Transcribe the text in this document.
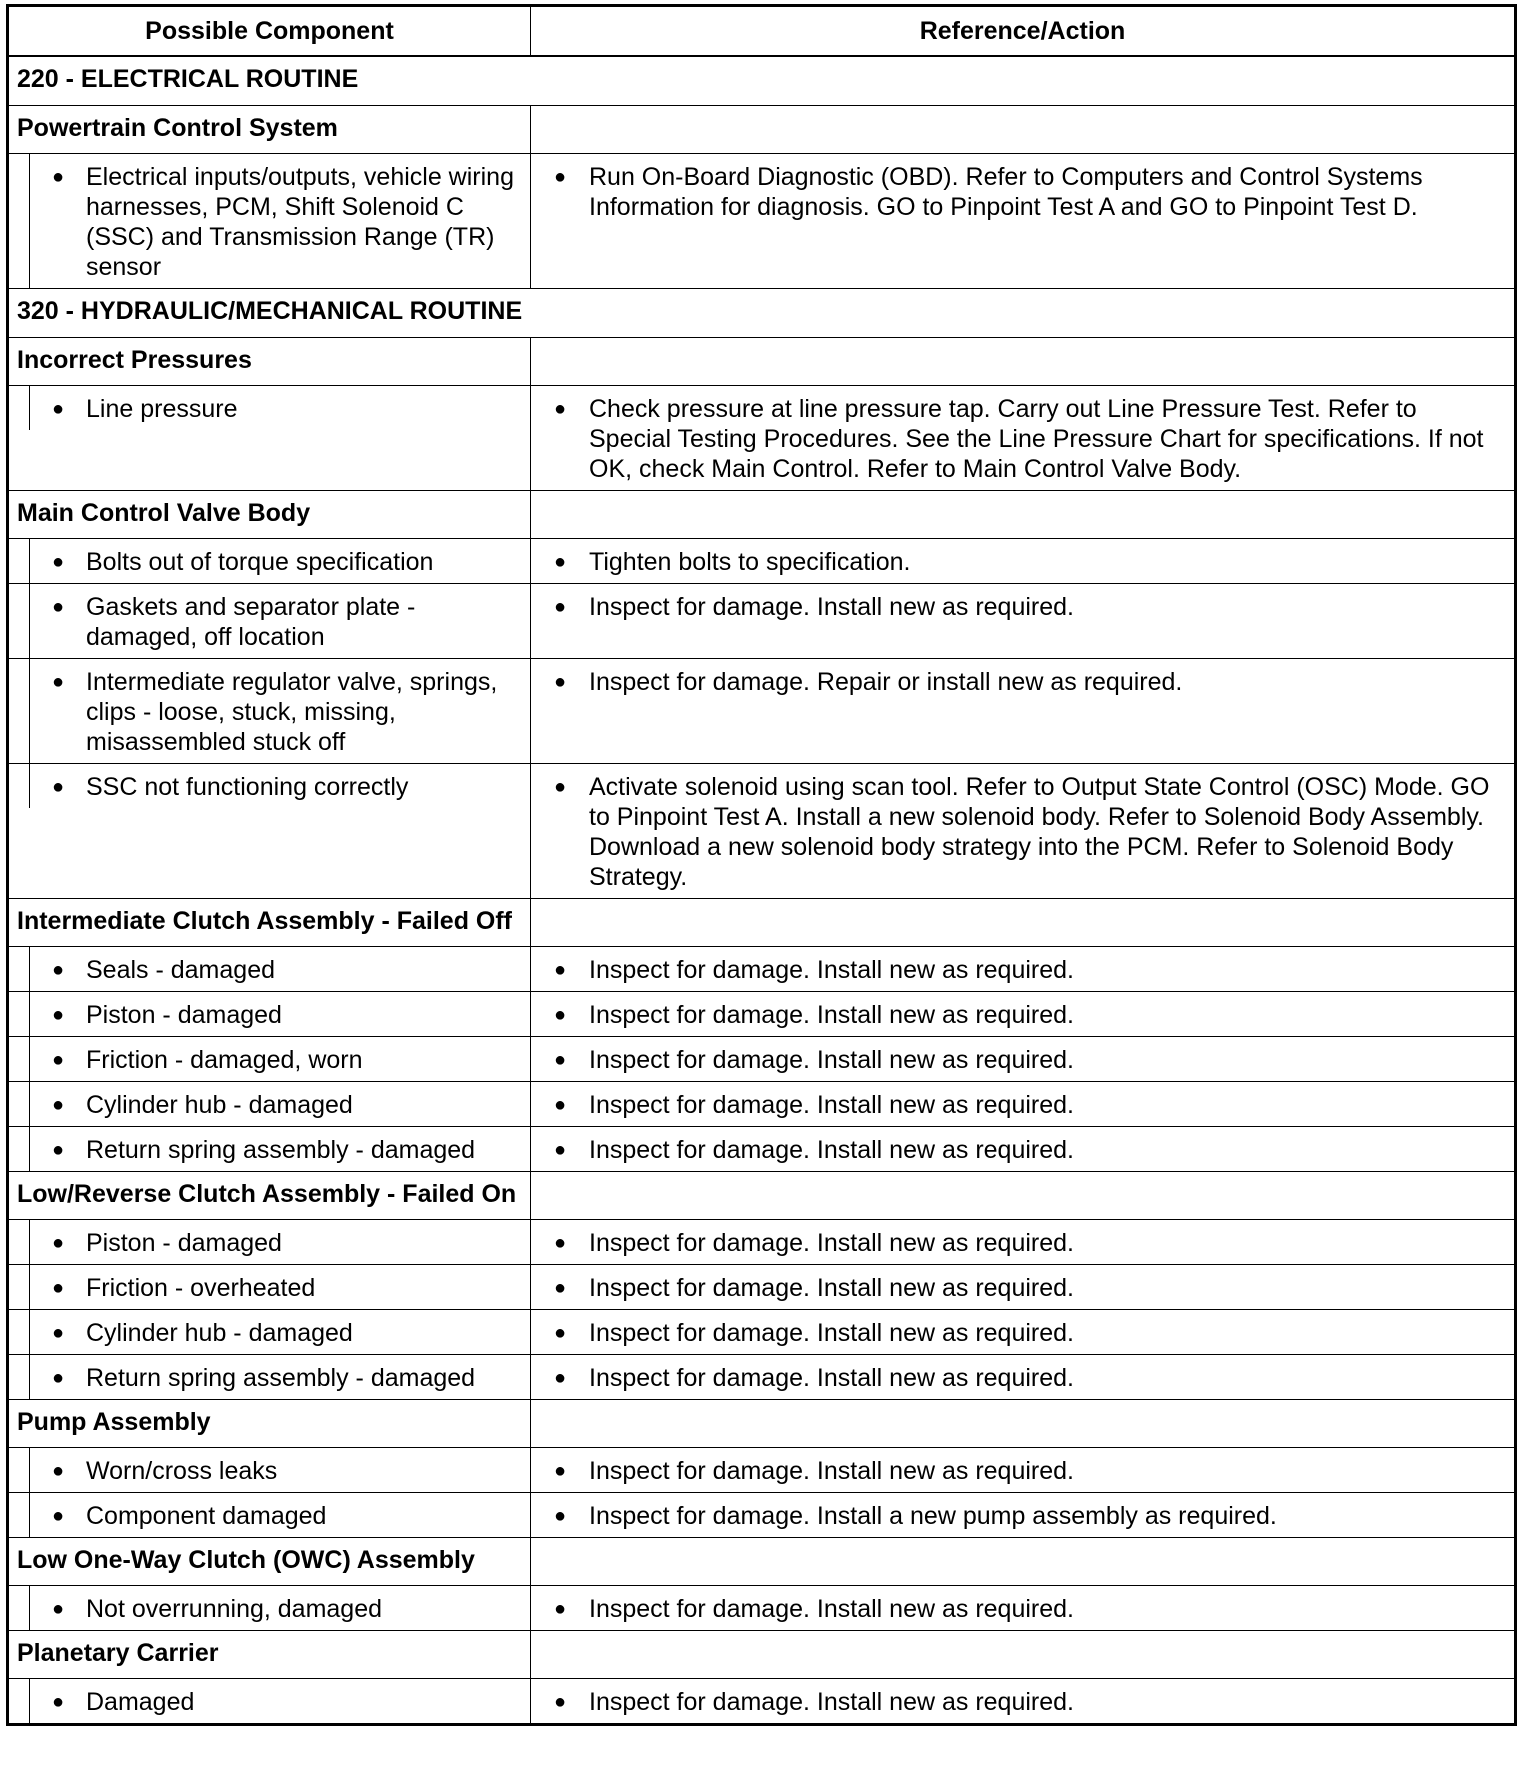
Possible Component	Reference/Action
220 - ELECTRICAL ROUTINE	
Powertrain Control System	

● Electrical inputs/outputs, vehicle wiring harnesses, PCM, Shift Solenoid C (SSC) and Transmission Range (TR) sensor	● Run On-Board Diagnostic (OBD). Refer to Computers and Control Systems Information for diagnosis. GO to Pinpoint Test A and GO to Pinpoint Test D.

320 - HYDRAULIC/MECHANICAL ROUTINE	
Incorrect Pressures	

● Line pressure	● Check pressure at line pressure tap. Carry out Line Pressure Test. Refer to Special Testing Procedures. See the Line Pressure Chart for specifications. If not OK, check Main Control. Refer to Main Control Valve Body.

Main Control Valve Body	

● Bolts out of torque specification	● Tighten bolts to specification.

● Gaskets and separator plate - damaged, off location	● Inspect for damage. Install new as required.

● Intermediate regulator valve, springs, clips - loose, stuck, missing, misassembled stuck off	● Inspect for damage. Repair or install new as required.

● SSC not functioning correctly	● Activate solenoid using scan tool. Refer to Output State Control (OSC) Mode. GO to Pinpoint Test A. Install a new solenoid body. Refer to Solenoid Body Assembly. Download a new solenoid body strategy into the PCM. Refer to Solenoid Body Strategy.

Intermediate Clutch Assembly - Failed Off	

● Seals - damaged	● Inspect for damage. Install new as required.

● Piston - damaged	● Inspect for damage. Install new as required.

● Friction - damaged, worn	● Inspect for damage. Install new as required.

● Cylinder hub - damaged	● Inspect for damage. Install new as required.

● Return spring assembly - damaged	● Inspect for damage. Install new as required.

Low/Reverse Clutch Assembly - Failed On	

● Piston - damaged	● Inspect for damage. Install new as required.

● Friction - overheated	● Inspect for damage. Install new as required.

● Cylinder hub - damaged	● Inspect for damage. Install new as required.

● Return spring assembly - damaged	● Inspect for damage. Install new as required.

Pump Assembly	

● Worn/cross leaks	● Inspect for damage. Install new as required.

● Component damaged	● Inspect for damage. Install a new pump assembly as required.

Low One-Way Clutch (OWC) Assembly	

● Not overrunning, damaged	● Inspect for damage. Install new as required.

Planetary Carrier	

● Damaged	● Inspect for damage. Install new as required.
